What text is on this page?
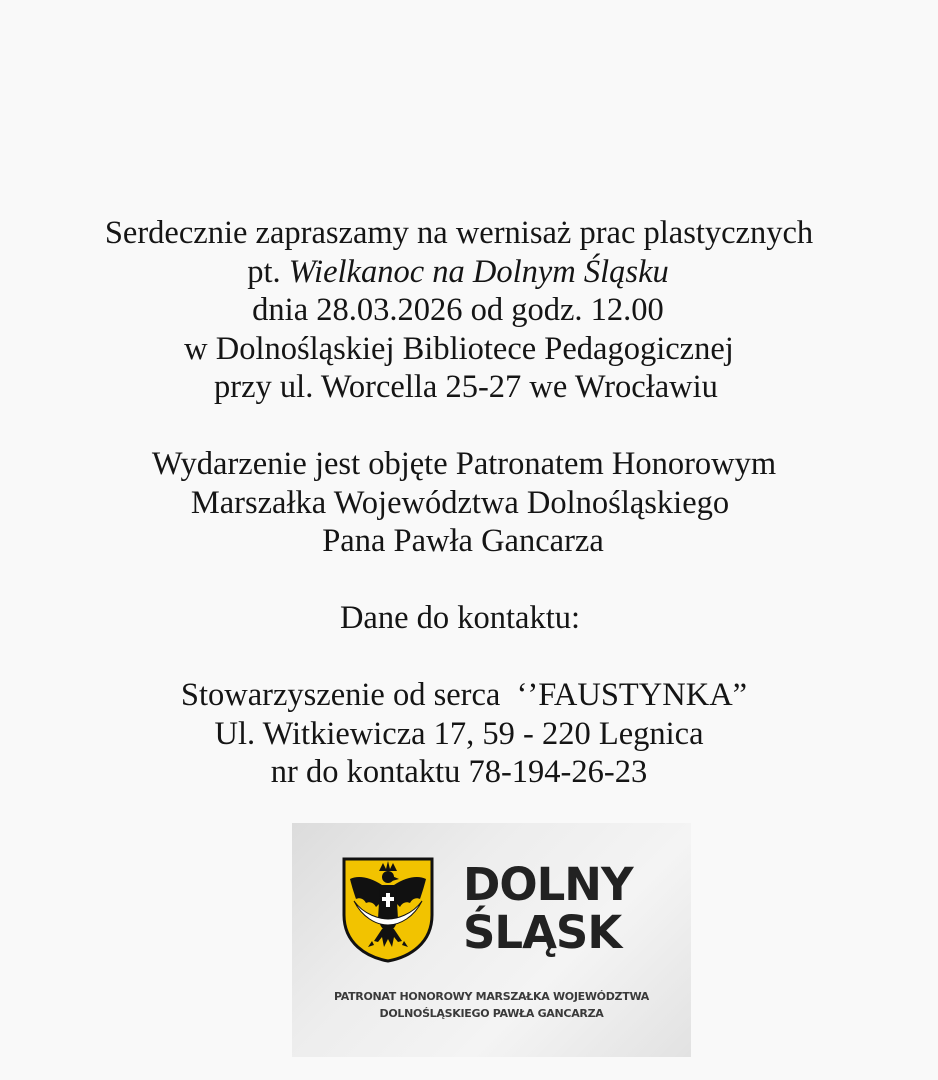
Serdecznie zapraszamy na wernisaż prac plastycznych
pt. Wielkanoc na Dolnym Śląsku
dnia 28.03.2026 od godz. 12.00
w Dolnośląskiej Bibliotece Pedagogicznej
przy ul. Worcella 25-27 we Wrocławiu
Wydarzenie jest objęte Patronatem Honorowym
Marszałka Województwa Dolnośląskiego
Pana Pawła Gancarza
Dane do kontaktu:
Stowarzyszenie od serca  ‘’FAUSTYNKA”
Ul. Witkiewicza 17, 59 - 220 Legnica
nr do kontaktu 78-194-26-23
DOLNY
ŚLĄSK
PATRONAT HONOROWY MARSZAŁKA WOJEWÓDZTWA
DOLNOŚLĄSKIEGO PAWŁA GANCARZA
